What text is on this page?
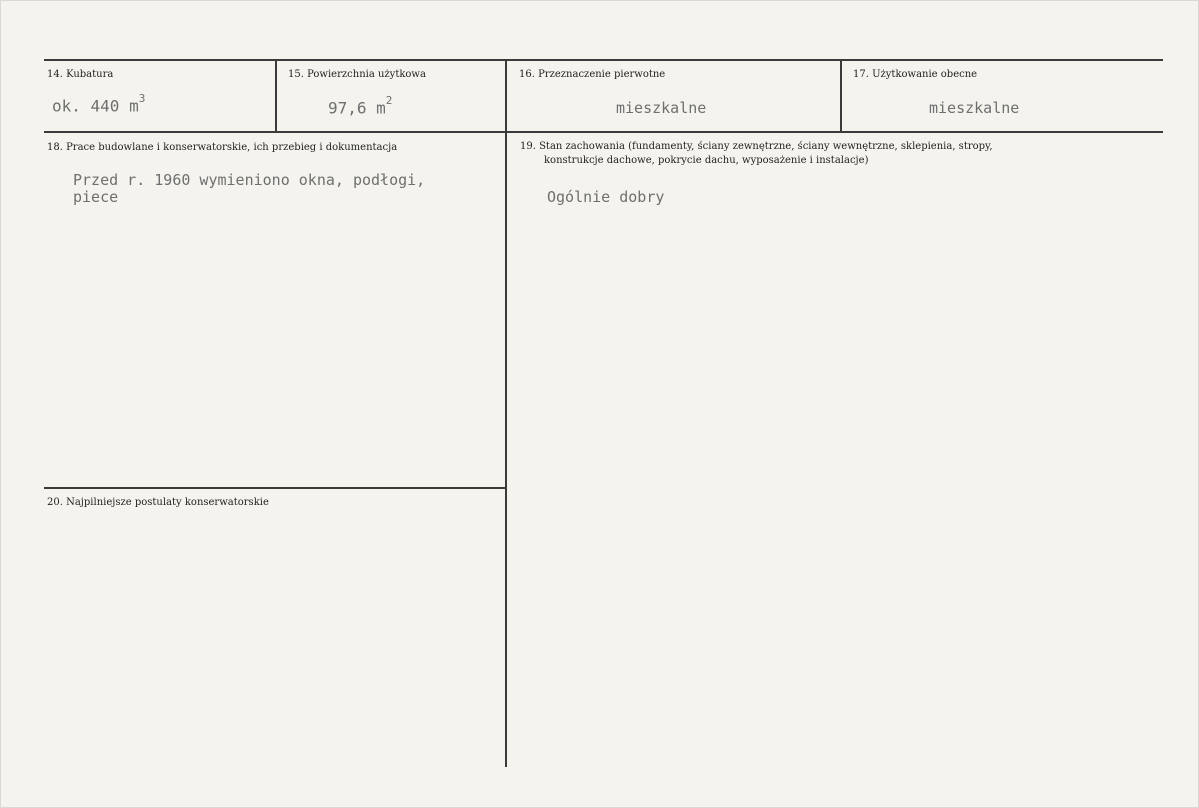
14. Kubatura
ok. 440 $m^3$
15. Powierzchnia użytkowa
97,6 $m^2$
16. Przeznaczenie pierwotne
mieszkalne
17. Użytkowanie obecne
mieszkalne
18. Prace budowlane i konserwatorskie, ich przebieg i dokumentacja
Przed r. 1960 wymieniono okna, podłogi,
piece
19. Stan zachowania (fundamenty, ściany zewnętrzne, ściany wewnętrzne, sklepienia, stropy,
konstrukcje dachowe, pokrycie dachu, wyposażenie i instalacje)
Ogólnie dobry
20. Najpilniejsze postulaty konserwatorskie
